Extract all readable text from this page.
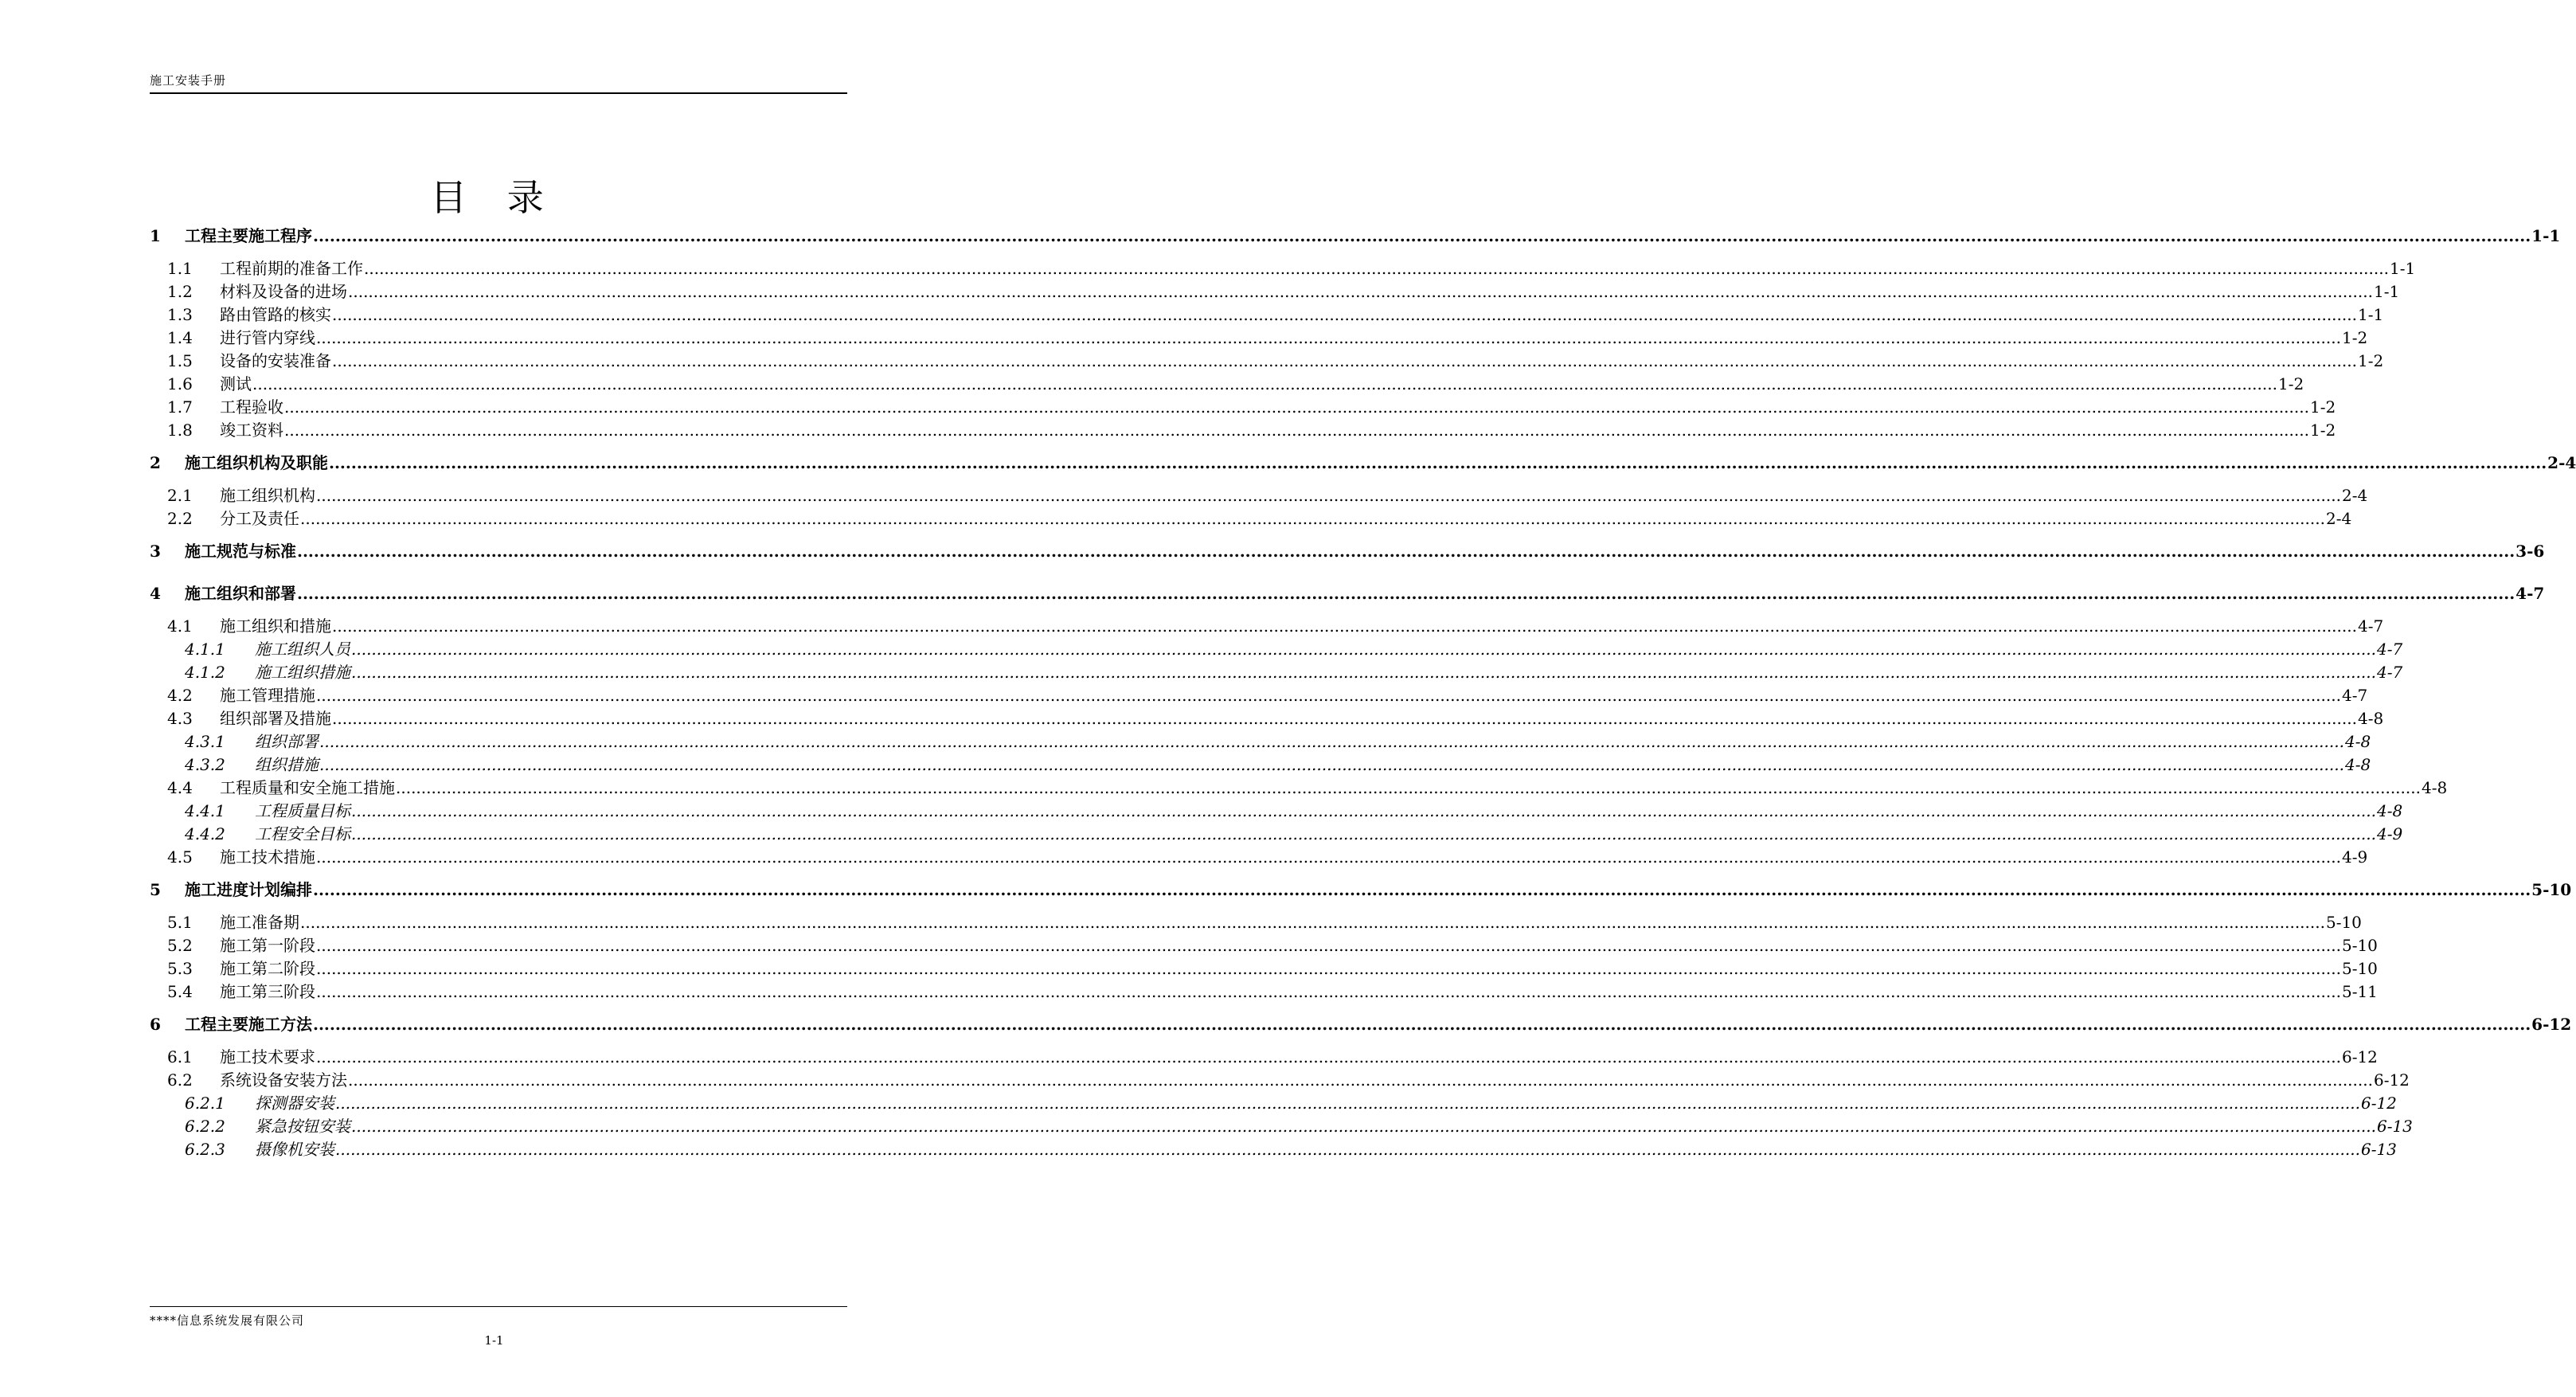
施工安装手册
目 录
1	工程主要施工程序 ................................................................................................................................................................................................................................................................................................................................................................................................................ 1-1
1.1	工程前期的准备工作 ................................................................................................................................................................................................................................................................................................................................................................................................................ 1-1
1.2	材料及设备的进场 ................................................................................................................................................................................................................................................................................................................................................................................................................ 1-1
1.3	路由管路的核实 ................................................................................................................................................................................................................................................................................................................................................................................................................ 1-1
1.4	进行管内穿线 ................................................................................................................................................................................................................................................................................................................................................................................................................ 1-2
1.5	设备的安装准备 ................................................................................................................................................................................................................................................................................................................................................................................................................ 1-2
1.6	测试 ................................................................................................................................................................................................................................................................................................................................................................................................................ 1-2
1.7	工程验收 ................................................................................................................................................................................................................................................................................................................................................................................................................ 1-2
1.8	竣工资料 ................................................................................................................................................................................................................................................................................................................................................................................................................ 1-2
2	施工组织机构及职能 ................................................................................................................................................................................................................................................................................................................................................................................................................ 2-4
2.1	施工组织机构 ................................................................................................................................................................................................................................................................................................................................................................................................................ 2-4
2.2	分工及责任 ................................................................................................................................................................................................................................................................................................................................................................................................................ 2-4
3	施工规范与标准 ................................................................................................................................................................................................................................................................................................................................................................................................................ 3-6
4	施工组织和部署 ................................................................................................................................................................................................................................................................................................................................................................................................................ 4-7
4.1	施工组织和措施 ................................................................................................................................................................................................................................................................................................................................................................................................................ 4-7
4.1.1	施工组织人员 ................................................................................................................................................................................................................................................................................................................................................................................................................ 4-7
4.1.2	施工组织措施 ................................................................................................................................................................................................................................................................................................................................................................................................................ 4-7
4.2	施工管理措施 ................................................................................................................................................................................................................................................................................................................................................................................................................ 4-7
4.3	组织部署及措施 ................................................................................................................................................................................................................................................................................................................................................................................................................ 4-8
4.3.1	组织部署 ................................................................................................................................................................................................................................................................................................................................................................................................................ 4-8
4.3.2	组织措施 ................................................................................................................................................................................................................................................................................................................................................................................................................ 4-8
4.4	工程质量和安全施工措施 ................................................................................................................................................................................................................................................................................................................................................................................................................ 4-8
4.4.1	工程质量目标 ................................................................................................................................................................................................................................................................................................................................................................................................................ 4-8
4.4.2	工程安全目标 ................................................................................................................................................................................................................................................................................................................................................................................................................ 4-9
4.5	施工技术措施 ................................................................................................................................................................................................................................................................................................................................................................................................................ 4-9
5	施工进度计划编排 ................................................................................................................................................................................................................................................................................................................................................................................................................ 5-10
5.1	施工准备期 ................................................................................................................................................................................................................................................................................................................................................................................................................ 5-10
5.2	施工第一阶段 ................................................................................................................................................................................................................................................................................................................................................................................................................ 5-10
5.3	施工第二阶段 ................................................................................................................................................................................................................................................................................................................................................................................................................ 5-10
5.4	施工第三阶段 ................................................................................................................................................................................................................................................................................................................................................................................................................ 5-11
6	工程主要施工方法 ................................................................................................................................................................................................................................................................................................................................................................................................................ 6-12
6.1	施工技术要求 ................................................................................................................................................................................................................................................................................................................................................................................................................ 6-12
6.2	系统设备安装方法 ................................................................................................................................................................................................................................................................................................................................................................................................................ 6-12
6.2.1	探测器安装 ................................................................................................................................................................................................................................................................................................................................................................................................................ 6-12
6.2.2	紧急按钮安装 ................................................................................................................................................................................................................................................................................................................................................................................................................ 6-13
6.2.3	摄像机安装 ................................................................................................................................................................................................................................................................................................................................................................................................................ 6-13
****信息系统发展有限公司
1-1
